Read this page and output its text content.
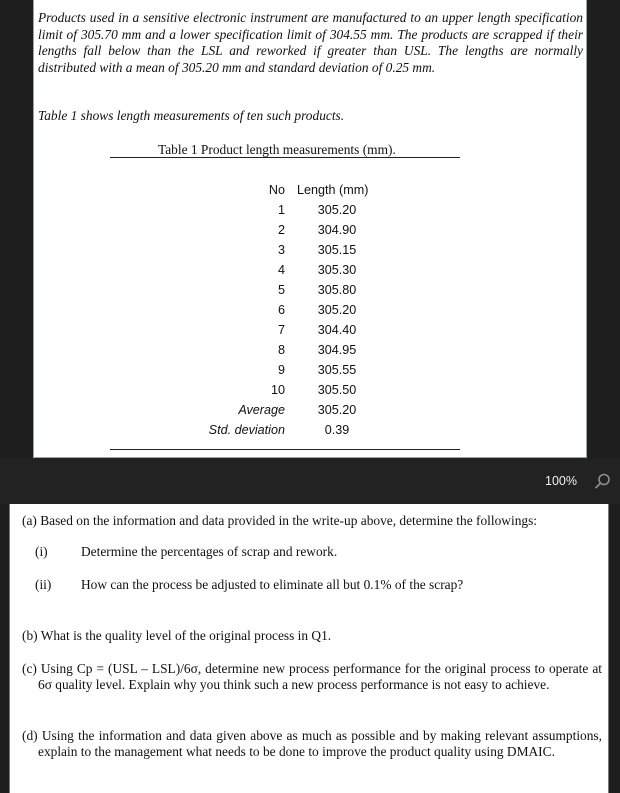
Products used in a sensitive electronic instrument are manufactured to an upper length specification limit of 305.70 mm and a lower specification limit of 304.55 mm. The products are scrapped if their lengths fall below than the LSL and reworked if greater than USL. The lengths are normally distributed with a mean of 305.20 mm and standard deviation of 0.25 mm.

Table 1 shows length measurements of ten such products.

Table 1 Product length measurements (mm).

No Length (mm)
1	305.20
2	304.90
3	305.15
4	305.30
5	305.80
6	305.20
7	304.40
8	304.95
9	305.55
10	305.50
Average	305.20
Std. deviation	0.39
100%

(a) Based on the information and data provided in the write-up above, determine the followings:

(i) Determine the percentages of scrap and rework.
(ii) How can the process be adjusted to eliminate all but 0.1% of the scrap?

(b) What is the quality level of the original process in Q1.

(c) Using Cp = (USL – LSL)/6σ, determine new process performance for the original process to operate at 6σ quality level. Explain why you think such a new process performance is not easy to achieve.

(d) Using the information and data given above as much as possible and by making relevant assumptions, explain to the management what needs to be done to improve the product quality using DMAIC.
